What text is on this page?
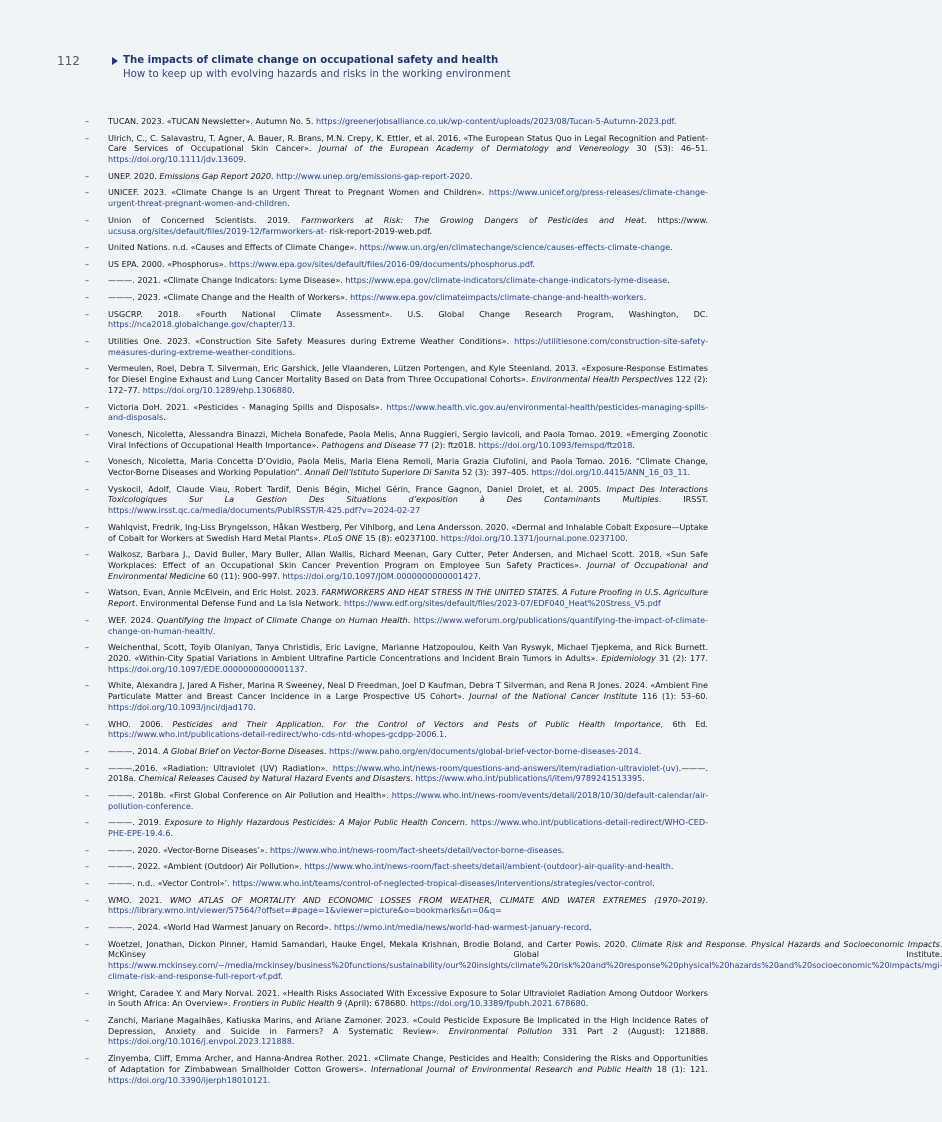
112	The impacts of climate change on occupational safety and health
How to keep up with evolving hazards and risks in the working environment
–	TUCAN. 2023. «TUCAN Newsletter». Autumn No. 5. https://greenerjobsalliance.co.uk/wp-content/uploads/2023/08/Tucan-5-Autumn-2023.pdf.
–	Ulrich, C., C. Salavastru, T. Agner, A. Bauer, R. Brans, M.N. Crepy, K. Ettler, et al. 2016. «The European Status Quo in Legal Recognition and Patient-Care Services of Occupational Skin Cancer». Journal of the European Academy of Dermatology and Venereology 30 (S3): 46–51. https://doi.org/10.1111/jdv.13609.
–	UNEP. 2020. Emissions Gap Report 2020. http://www.unep.org/emissions-gap-report-2020.
–	UNICEF. 2023. «Climate Change Is an Urgent Threat to Pregnant Women and Children». https://www.unicef.org/press-releases/climate-change-urgent-threat-pregnant-women-and-children.
–	Union of Concerned Scientists. 2019. Farmworkers at Risk: The Growing Dangers of Pesticides and Heat. https://www. ucsusa.org/sites/default/files/2019-12/farmworkers-at- risk-report-2019-web.pdf.
–	United Nations. n.d. «Causes and Effects of Climate Change». https://www.un.org/en/climatechange/science/causes-effects-climate-change.
–	US EPA. 2000. «Phosphorus». https://www.epa.gov/sites/default/files/2016-09/documents/phosphorus.pdf.
–	———. 2021. «Climate Change Indicators: Lyme Disease». https://www.epa.gov/climate-indicators/climate-change-indicators-lyme-disease.
–	———. 2023. «Climate Change and the Health of Workers». https://www.epa.gov/climateimpacts/climate-change-and-health-workers.
–	USGCRP. 2018. «Fourth National Climate Assessment». U.S. Global Change Research Program, Washington, DC. https://nca2018.globalchange.gov/chapter/13.
–	Utilities One. 2023. «Construction Site Safety Measures during Extreme Weather Conditions». https://utilitiesone.com/construction-site-safety-measures-during-extreme-weather-conditions.
–	Vermeulen, Roel, Debra T. Silverman, Eric Garshick, Jelle Vlaanderen, Lützen Portengen, and Kyle Steenland. 2013. «Exposure-Response Estimates for Diesel Engine Exhaust and Lung Cancer Mortality Based on Data from Three Occupational Cohorts». Environmental Health Perspectives 122 (2): 172–77. https://doi.org/10.1289/ehp.1306880.
–	Victoria DoH. 2021. «Pesticides - Managing Spills and Disposals». https://www.health.vic.gov.au/environmental-health/pesticides-managing-spills-and-disposals.
–	Vonesch, Nicoletta, Alessandra Binazzi, Michela Bonafede, Paola Melis, Anna Ruggieri, Sergio Iavicoli, and Paola Tomao. 2019. «Emerging Zoonotic Viral Infections of Occupational Health Importance». Pathogens and Disease 77 (2): ftz018. https://doi.org/10.1093/femspd/ftz018.
–	Vonesch, Nicoletta, Maria Concetta D’Ovidio, Paola Melis, Maria Elena Remoli, Maria Grazia Ciufolini, and Paola Tomao. 2016. “Climate Change, Vector-Borne Diseases and Working Population”. Annali Dell’Istituto Superiore Di Sanita 52 (3): 397–405. https://doi.org/10.4415/ANN_16_03_11.
–	Vyskocil, Adolf, Claude Viau, Robert Tardif, Denis Bégin, Michel Gérin, France Gagnon, Daniel Drolet, et al. 2005. Impact Des Interactions Toxicologiques Sur La Gestion Des Situations d’exposition à Des Contaminants Multiples. IRSST. https://www.irsst.qc.ca/media/documents/PubIRSST/R-425.pdf?v=2024-02-27
–	Wahlqvist, Fredrik, Ing-Liss Bryngelsson, Håkan Westberg, Per Vihlborg, and Lena Andersson. 2020. «Dermal and Inhalable Cobalt Exposure—Uptake of Cobalt for Workers at Swedish Hard Metal Plants». PLoS ONE 15 (8): e0237100. https://doi.org/10.1371/journal.pone.0237100.
–	Walkosz, Barbara J., David Buller, Mary Buller, Allan Wallis, Richard Meenan, Gary Cutter, Peter Andersen, and Michael Scott. 2018. «Sun Safe Workplaces: Effect of an Occupational Skin Cancer Prevention Program on Employee Sun Safety Practices». Journal of Occupational and Environmental Medicine 60 (11): 900–997. https://doi.org/10.1097/JOM.0000000000001427.
–	Watson, Evan, Annie McElvein, and Eric Holst. 2023. FARMWORKERS AND HEAT STRESS IN THE UNITED STATES. A Future Proofing in U.S. Agriculture Report. Environmental Defense Fund and La Isla Network. https://www.edf.org/sites/default/files/2023-07/EDF040_Heat%20Stress_V5.pdf
–	WEF. 2024. Quantifying the Impact of Climate Change on Human Health. https://www.weforum.org/publications/quantifying-the-impact-of-climate-change-on-human-health/.
–	Weichenthal, Scott, Toyib Olaniyan, Tanya Christidis, Eric Lavigne, Marianne Hatzopoulou, Keith Van Ryswyk, Michael Tjepkema, and Rick Burnett. 2020. «Within-City Spatial Variations in Ambient Ultrafine Particle Concentrations and Incident Brain Tumors in Adults». Epidemiology 31 (2): 177. https://doi.org/10.1097/EDE.0000000000001137.
–	White, Alexandra J, Jared A Fisher, Marina R Sweeney, Neal D Freedman, Joel D Kaufman, Debra T Silverman, and Rena R Jones. 2024. «Ambient Fine Particulate Matter and Breast Cancer Incidence in a Large Prospective US Cohort». Journal of the National Cancer Institute 116 (1): 53–60. https://doi.org/10.1093/jnci/djad170.
–	WHO. 2006. Pesticides and Their Application. For the Control of Vectors and Pests of Public Health Importance, 6th Ed. https://www.who.int/publications-detail-redirect/who-cds-ntd-whopes-gcdpp-2006.1.
–	———. 2014. A Global Brief on Vector-Borne Diseases. https://www.paho.org/en/documents/global-brief-vector-borne-diseases-2014.
–	———.2016. «Radiation: Ultraviolet (UV) Radiation». https://www.who.int/news-room/questions-and-answers/item/radiation-ultraviolet-(uv).———. 2018a. Chemical Releases Caused by Natural Hazard Events and Disasters. https://www.who.int/publications/i/item/9789241513395.
–	———. 2018b. «First Global Conference on Air Pollution and Health». https://www.who.int/news-room/events/detail/2018/10/30/default-calendar/air-pollution-conference.
–	———. 2019. Exposure to Highly Hazardous Pesticides: A Major Public Health Concern. https://www.who.int/publications-detail-redirect/WHO-CED-PHE-EPE-19.4.6.
–	———. 2020. «Vector-Borne Diseases’». https://www.who.int/news-room/fact-sheets/detail/vector-borne-diseases.
–	———. 2022. «Ambient (Outdoor) Air Pollution». https://www.who.int/news-room/fact-sheets/detail/ambient-(outdoor)-air-quality-and-health.
–	———. n.d.. «Vector Control»’. https://www.who.int/teams/control-of-neglected-tropical-diseases/interventions/strategies/vector-control.
–	WMO. 2021. WMO ATLAS OF MORTALITY AND ECONOMIC LOSSES FROM WEATHER, CLIMATE AND WATER EXTREMES (1970–2019). https://library.wmo.int/viewer/57564/?offset=#page=1&viewer=picture&o=bookmarks&n=0&q=
–	———. 2024. «World Had Warmest January on Record». https://wmo.int/media/news/world-had-warmest-january-record.
–	Woetzel, Jonathan, Dickon Pinner, Hamid Samandari, Hauke Engel, Mekala Krishnan, Brodie Boland, and Carter Powis. 2020. Climate Risk and Response. Physical Hazards and Socioeconomic Impacts McKinsey Global Institute. https://www.mckinsey.com/~/media/mckinsey/business%20functions/sustainability/our%20insights/climate%20risk%20and%20response%20physical%20hazards%20and%20socioeconomic%20impacts/mgi-climate-risk-and-response-full-report-vf.pdf.
–	Wright, Caradee Y. and Mary Norval. 2021. «Health Risks Associated With Excessive Exposure to Solar Ultraviolet Radiation Among Outdoor Workers in South Africa: An Overview». Frontiers in Public Health 9 (April): 678680. https://doi.org/10.3389/fpubh.2021.678680.
–	Zanchi, Mariane Magalhães, Katiuska Marins, and Ariane Zamoner. 2023. «Could Pesticide Exposure Be Implicated in the High Incidence Rates of Depression, Anxiety and Suicide in Farmers? A Systematic Review». Environmental Pollution 331 Part 2 (August): 121888. https://doi.org/10.1016/j.envpol.2023.121888.
–	Zinyemba, Cliff, Emma Archer, and Hanna-Andrea Rother. 2021. «Climate Change, Pesticides and Health: Considering the Risks and Opportunities of Adaptation for Zimbabwean Smallholder Cotton Growers». International Journal of Environmental Research and Public Health 18 (1): 121. https://doi.org/10.3390/ijerph18010121.
